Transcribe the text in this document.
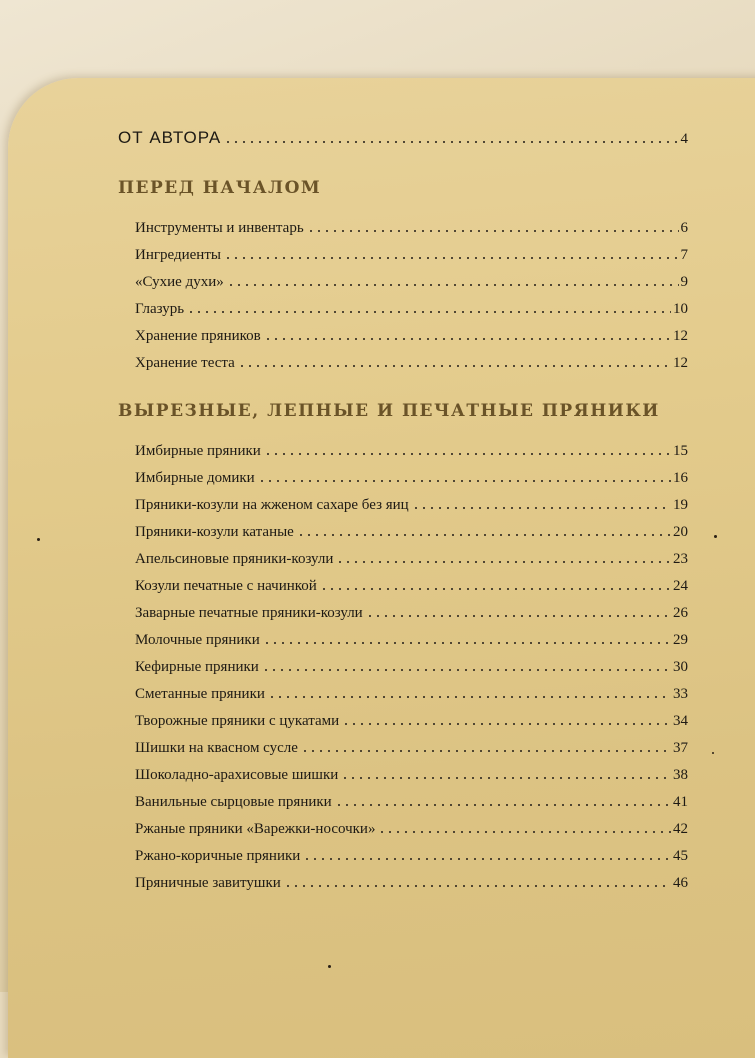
ОТ АВТОРА	4
ПЕРЕД НАЧАЛОМ
Инструменты и инвентарь	6
Ингредиенты	7
«Сухие духи»	9
Глазурь	10
Хранение пряников	12
Хранение теста	12
ВЫРЕЗНЫЕ, ЛЕПНЫЕ И ПЕЧАТНЫЕ ПРЯНИКИ
Имбирные пряники	15
Имбирные домики	16
Пряники-козули на жженом сахаре без яиц	19
Пряники-козули катаные	20
Апельсиновые пряники-козули	23
Козули печатные с начинкой	24
Заварные печатные пряники-козули	26
Молочные пряники	29
Кефирные пряники	30
Сметанные пряники	33
Творожные пряники с цукатами	34
Шишки на квасном сусле	37
Шоколадно-арахисовые шишки	38
Ванильные сырцовые пряники	41
Ржаные пряники «Варежки-носочки»	42
Ржано-коричные пряники	45
Пряничные завитушки	46
